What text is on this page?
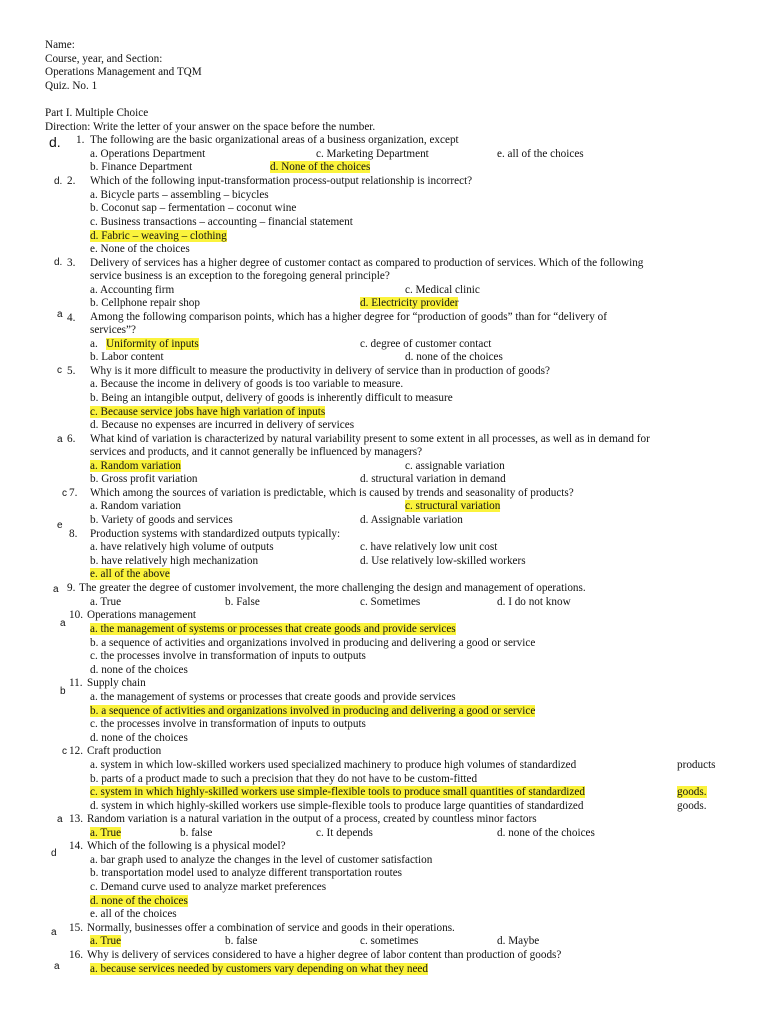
Name:
Course, year, and Section:
Operations Management and TQM
Quiz. No. 1
Part I. Multiple Choice
Direction: Write the letter of your answer on the space before the number.
d. 1. The following are the basic organizational areas of a business organization, except
a. Operations Department	c. Marketing Department	e. all of the choices
b. Finance Department	d. None of the choices
d. 2. Which of the following input-transformation process-output relationship is incorrect?
a. Bicycle parts – assembling – bicycles
b. Coconut sap – fermentation – coconut wine
c. Business transactions – accounting – financial statement
d. Fabric – weaving – clothing
e. None of the choices
d. 3. Delivery of services has a higher degree of customer contact as compared to production of services. Which of the following
service business is an exception to the foregoing general principle?
a. Accounting firm	c. Medical clinic
b. Cellphone repair shop	d. Electricity provider
a 4. Among the following comparison points, which has a higher degree for “production of goods” than for “delivery of
services”?
a.   Uniformity of inputs	c. degree of customer contact
b. Labor content	d. none of the choices
c 5. Why is it more difficult to measure the productivity in delivery of service than in production of goods?
a. Because the income in delivery of goods is too variable to measure.
b. Being an intangible output, delivery of goods is inherently difficult to measure
c. Because service jobs have high variation of inputs
d. Because no expenses are incurred in delivery of services
a 6. What kind of variation is characterized by natural variability present to some extent in all processes, as well as in demand for
services and products, and it cannot generally be influenced by managers?
a. Random variation	c. assignable variation
b. Gross profit variation	d. structural variation in demand
c 7. Which among the sources of variation is predictable, which is caused by trends and seasonality of products?
a. Random variation	c. structural variation
b. Variety of goods and services	d. Assignable variation
e
8. Production systems with standardized outputs typically:
a. have relatively high volume of outputs	c. have relatively low unit cost
b. have relatively high mechanization	d. Use relatively low-skilled workers
e. all of the above
a 9. The greater the degree of customer involvement, the more challenging the design and management of operations.
a. True	b. False	c. Sometimes	d. I do not know
a
10. Operations management
a. the management of systems or processes that create goods and provide services
b. a sequence of activities and organizations involved in producing and delivering a good or service
c. the processes involve in transformation of inputs to outputs
d. none of the choices
b
11. Supply chain
a. the management of systems or processes that create goods and provide services
b. a sequence of activities and organizations involved in producing and delivering a good or service
c. the processes involve in transformation of inputs to outputs
d. none of the choices
c 12. Craft production
a. system in which low-skilled workers used specialized machinery to produce high volumes of standardized	products
b. parts of a product made to such a precision that they do not have to be custom-fitted
c. system in which highly-skilled workers use simple-flexible tools to produce small quantities of standardized	goods.
d. system in which highly-skilled workers use simple-flexible tools to produce large quantities of standardized	goods.
a 13. Random variation is a natural variation in the output of a process, created by countless minor factors
a. True	b. false	c. It depends	d. none of the choices
d
14. Which of the following is a physical model?
a. bar graph used to analyze the changes in the level of customer satisfaction
b. transportation model used to analyze different transportation routes
c. Demand curve used to analyze market preferences
d. none of the choices
e. all of the choices
a 15. Normally, businesses offer a combination of service and goods in their operations.
a. True	b. false	c. sometimes	d. Maybe
a
16. Why is delivery of services considered to have a higher degree of labor content than production of goods?
a. because services needed by customers vary depending on what they need
